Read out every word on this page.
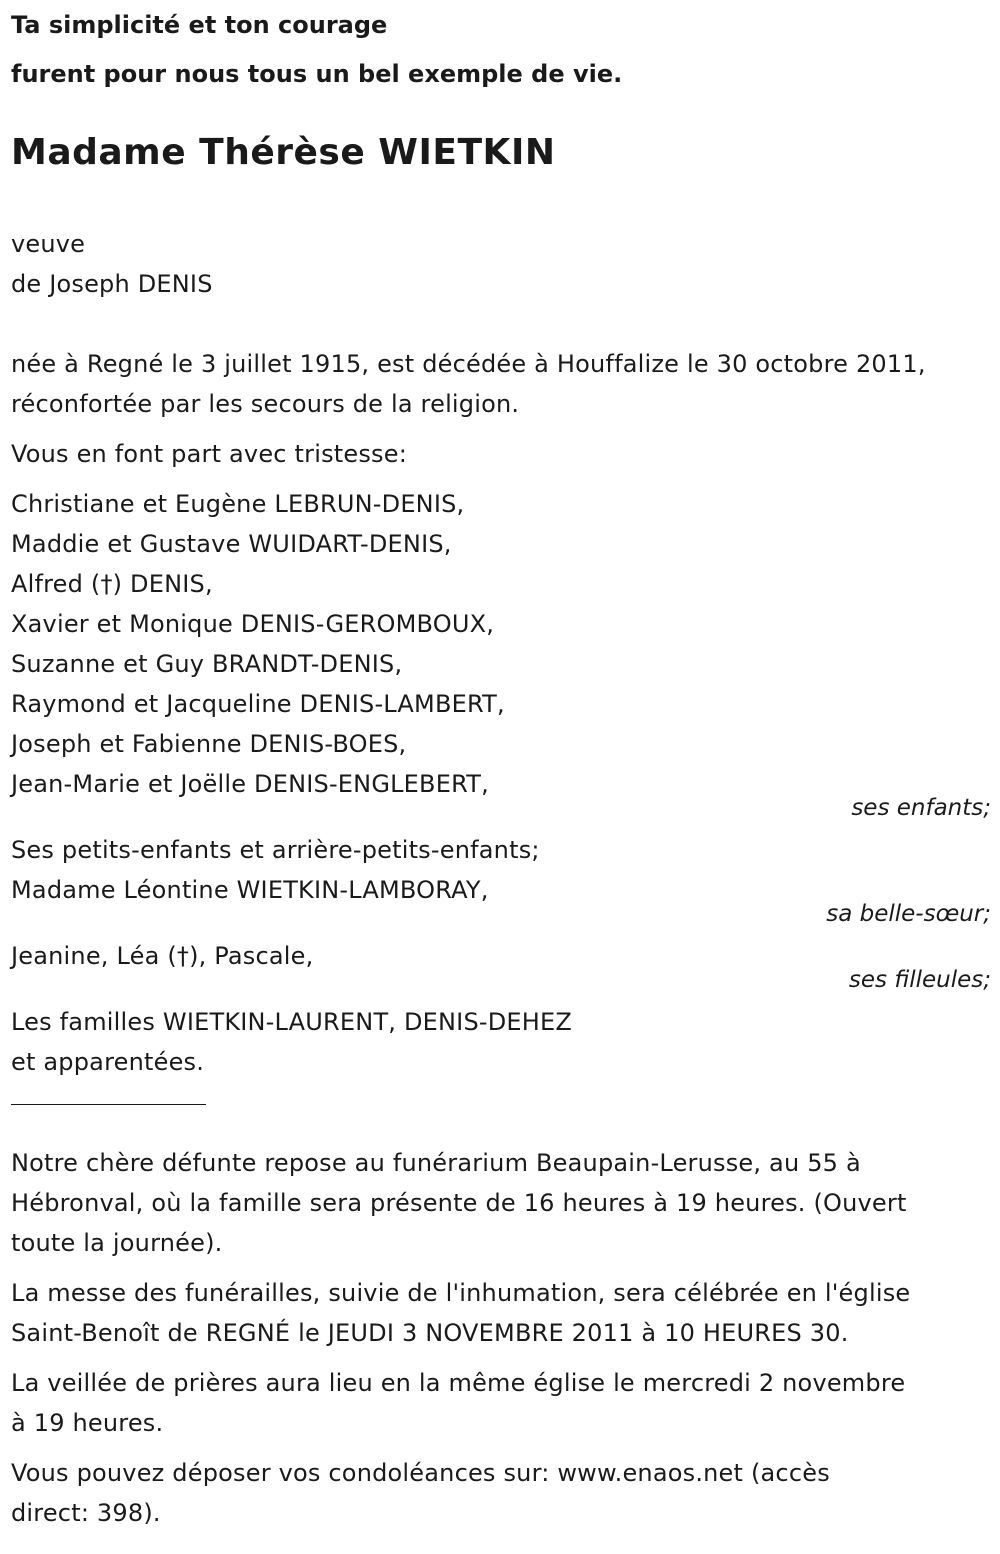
Ta simplicité et ton courage
furent pour nous tous un bel exemple de vie.
Madame Thérèse WIETKIN
veuve
de Joseph DENIS
née à Regné le 3 juillet 1915, est décédée à Houffalize le 30 octobre 2011,
réconfortée par les secours de la religion.
Vous en font part avec tristesse:
Christiane et Eugène LEBRUN-DENIS,
Maddie et Gustave WUIDART-DENIS,
Alfred (†) DENIS,
Xavier et Monique DENIS-GEROMBOUX,
Suzanne et Guy BRANDT-DENIS,
Raymond et Jacqueline DENIS-LAMBERT,
Joseph et Fabienne DENIS-BOES,
Jean-Marie et Joëlle DENIS-ENGLEBERT,
ses enfants;
Ses petits-enfants et arrière-petits-enfants;
Madame Léontine WIETKIN-LAMBORAY,
sa belle-sœur;
Jeanine, Léa (†), Pascale,
ses filleules;
Les familles WIETKIN-LAURENT, DENIS-DEHEZ
et apparentées.
Notre chère défunte repose au funérarium Beaupain-Lerusse, au 55 à
Hébronval, où la famille sera présente de 16 heures à 19 heures. (Ouvert
toute la journée).
La messe des funérailles, suivie de l'inhumation, sera célébrée en l'église
Saint-Benoît de REGNÉ le JEUDI 3 NOVEMBRE 2011 à 10 HEURES 30.
La veillée de prières aura lieu en la même église le mercredi 2 novembre
à 19 heures.
Vous pouvez déposer vos condoléances sur: www.enaos.net (accès
direct: 398).
